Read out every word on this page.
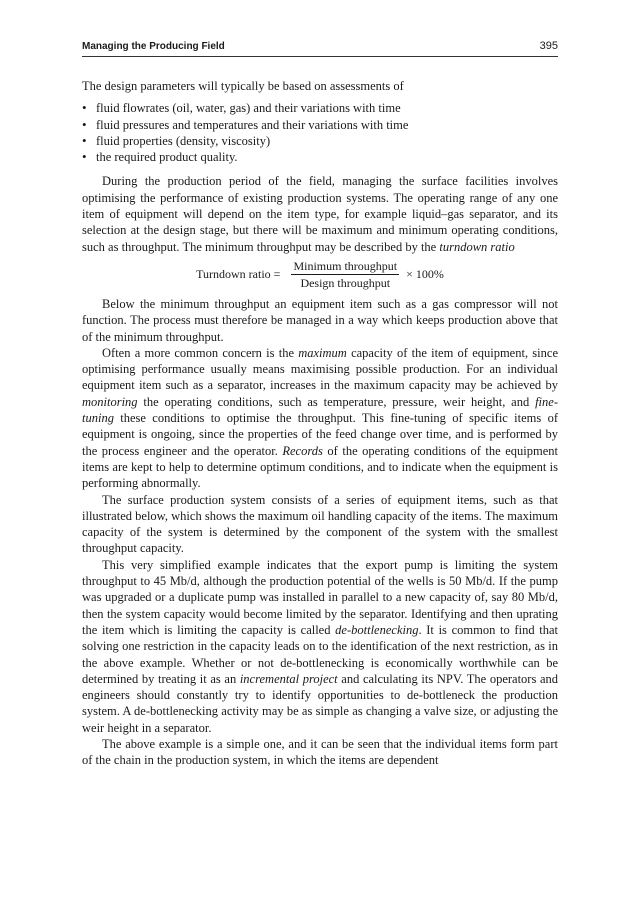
Managing the Producing Field	395

The design parameters will typically be based on assessments of

• fluid flowrates (oil, water, gas) and their variations with time
• fluid pressures and temperatures and their variations with time
• fluid properties (density, viscosity)
• the required product quality.

During the production period of the field, managing the surface facilities involves optimising the performance of existing production systems. The operating range of any one item of equipment will depend on the item type, for example liquid–gas separator, and its selection at the design stage, but there will be maximum and minimum operating conditions, such as throughput. The minimum throughput may be described by the turndown ratio

Turndown ratio = $\frac{\text{Minimum throughput}}{\text{Design throughput}} \times 100\%$

Below the minimum throughput an equipment item such as a gas compressor will not function. The process must therefore be managed in a way which keeps production above that of the minimum throughput.

Often a more common concern is the maximum capacity of the item of equipment, since optimising performance usually means maximising possible production. For an individual equipment item such as a separator, increases in the maximum capacity may be achieved by monitoring the operating conditions, such as temperature, pressure, weir height, and fine-tuning these conditions to optimise the throughput. This fine-tuning of specific items of equipment is ongoing, since the properties of the feed change over time, and is performed by the process engineer and the operator. Records of the operating conditions of the equipment items are kept to help to determine optimum conditions, and to indicate when the equipment is performing abnormally.

The surface production system consists of a series of equipment items, such as that illustrated below, which shows the maximum oil handling capacity of the items. The maximum capacity of the system is determined by the component of the system with the smallest throughput capacity.

This very simplified example indicates that the export pump is limiting the system throughput to 45 Mb/d, although the production potential of the wells is 50 Mb/d. If the pump was upgraded or a duplicate pump was installed in parallel to a new capacity of, say 80 Mb/d, then the system capacity would become limited by the separator. Identifying and then uprating the item which is limiting the capacity is called de-bottlenecking. It is common to find that solving one restriction in the capacity leads on to the identification of the next restriction, as in the above example. Whether or not de-bottlenecking is economically worthwhile can be determined by treating it as an incremental project and calculating its NPV. The operators and engineers should constantly try to identify opportunities to de-bottleneck the production system. A de-bottlenecking activity may be as simple as changing a valve size, or adjusting the weir height in a separator.

The above example is a simple one, and it can be seen that the individual items form part of the chain in the production system, in which the items are dependent
